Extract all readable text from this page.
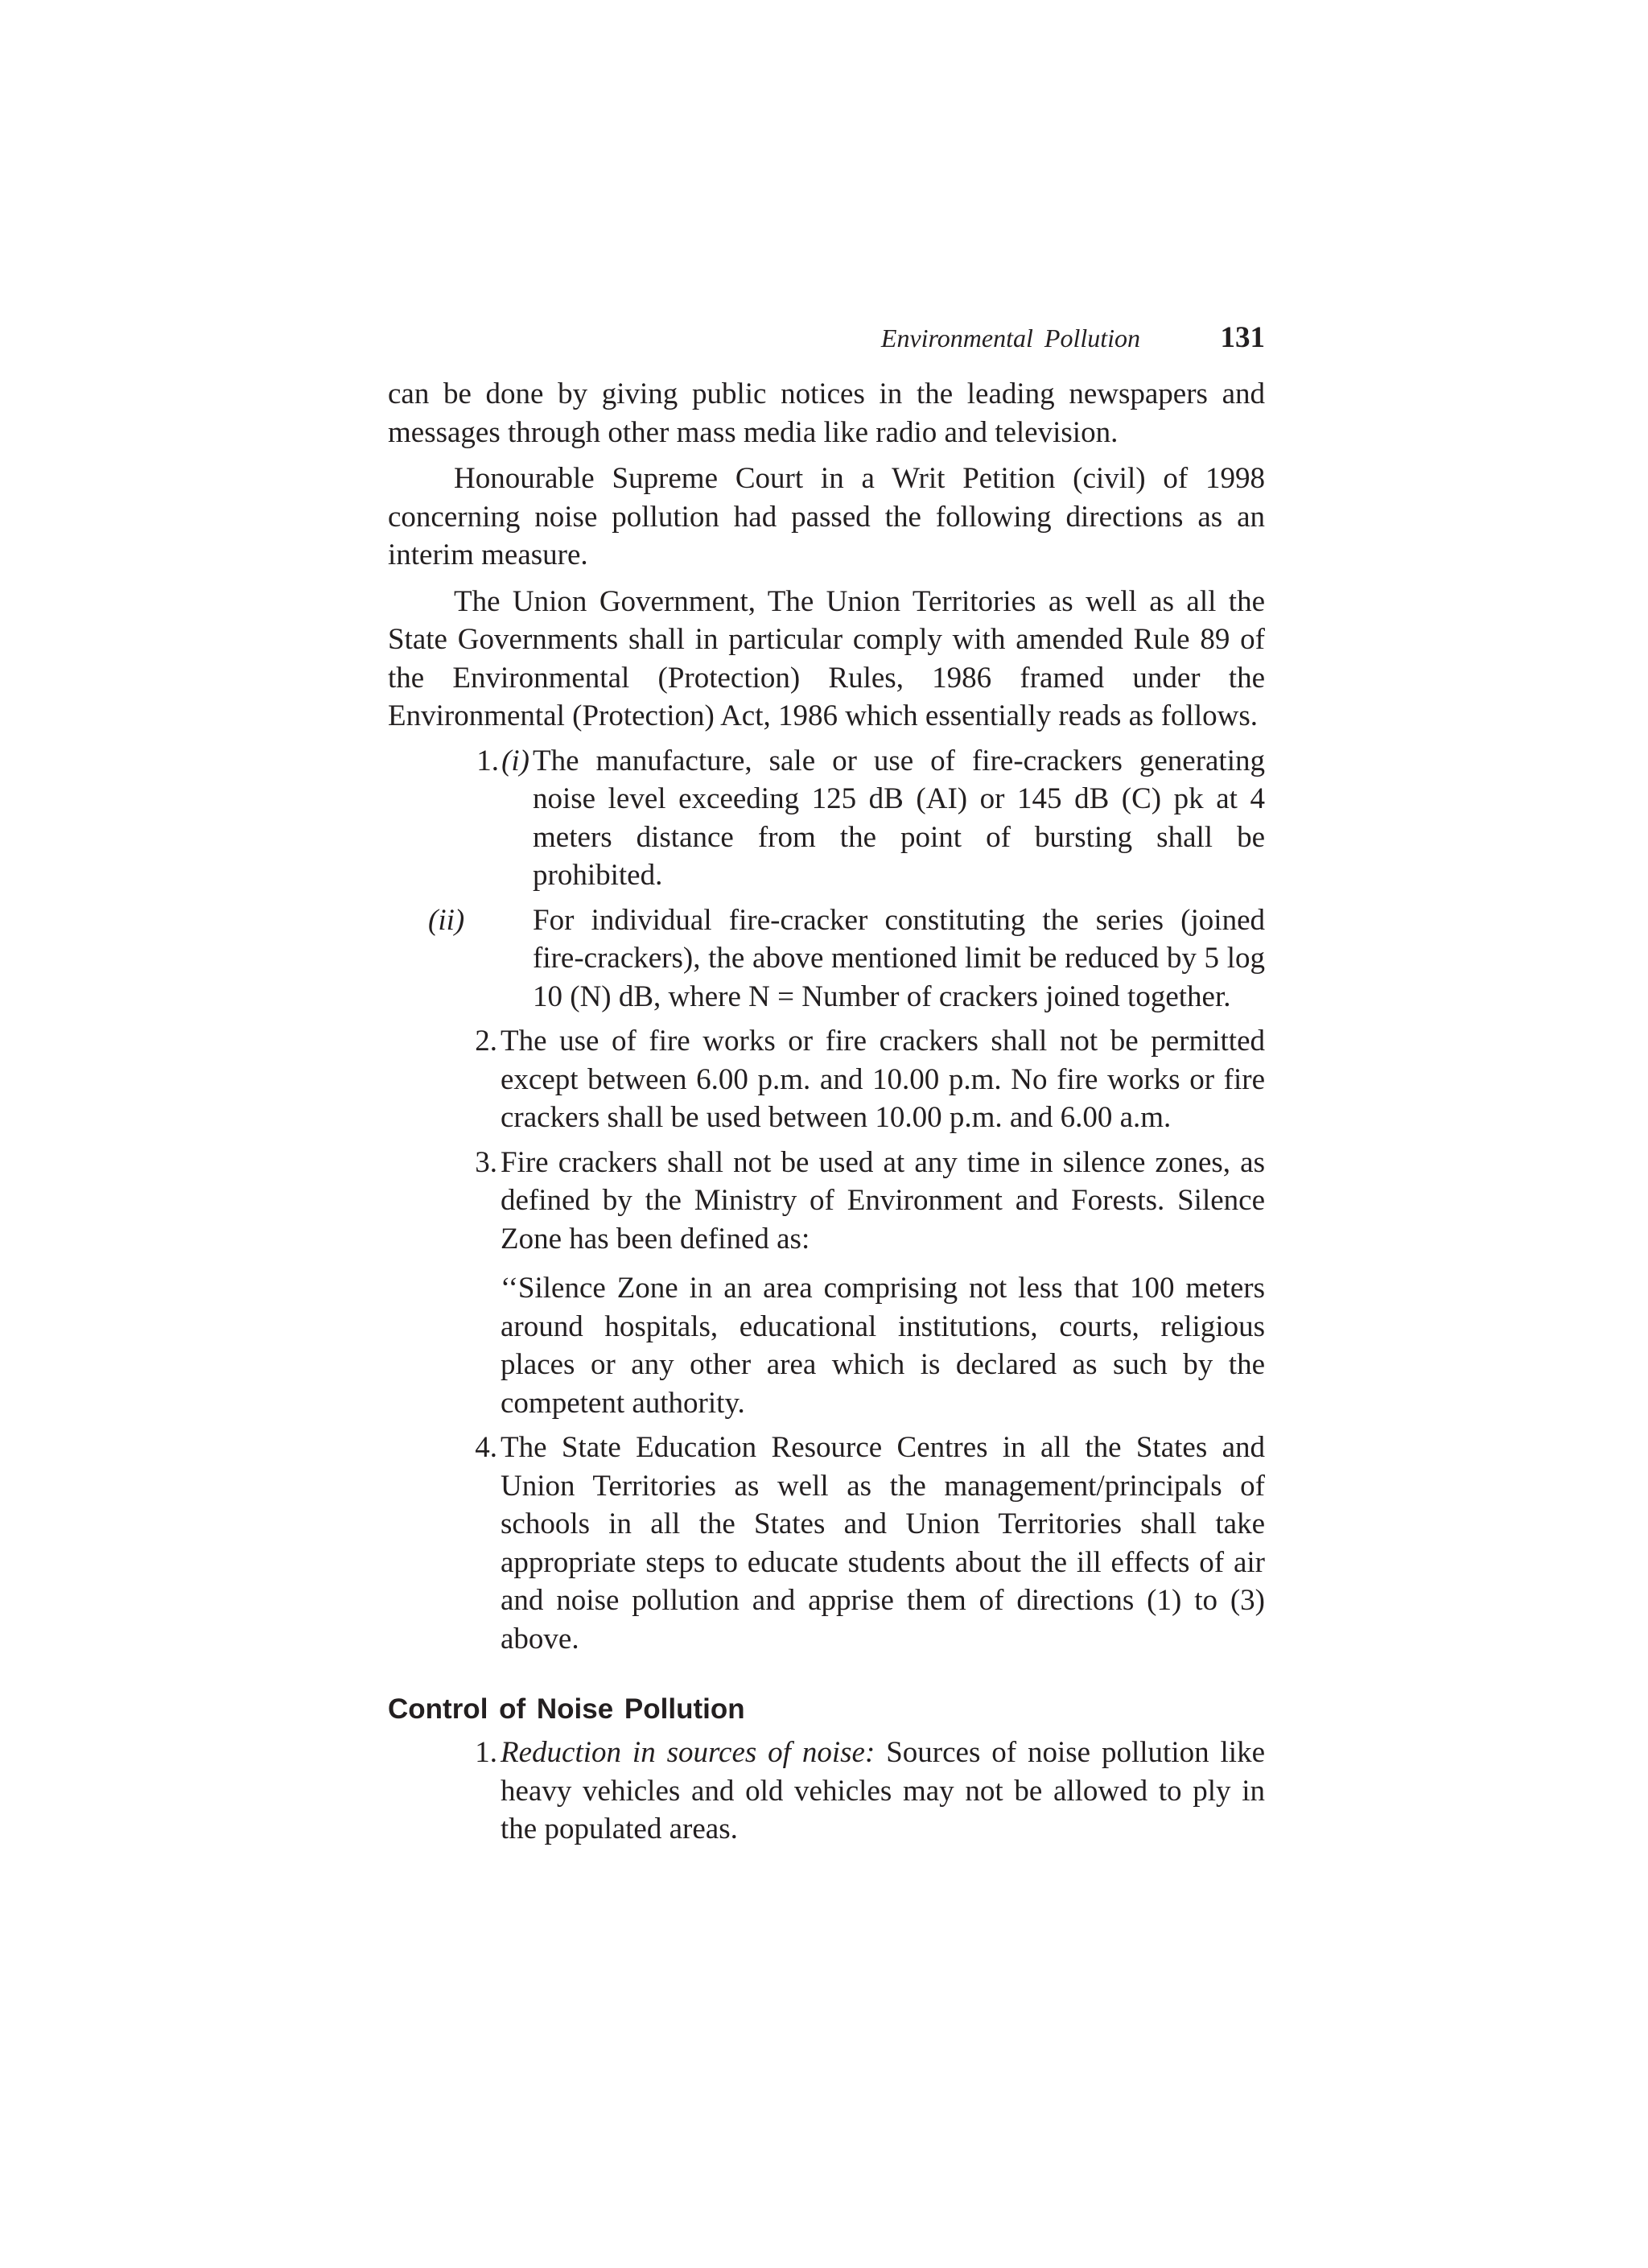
Environmental Pollution	131

can be done by giving public notices in the leading newspapers and messages through other mass media like radio and television.

Honourable Supreme Court in a Writ Petition (civil) of 1998 concerning noise pollution had passed the following directions as an interim measure.

The Union Government, The Union Territories as well as all the State Governments shall in particular comply with amended Rule 89 of the Environmental (Protection) Rules, 1986 framed under the Environmental (Protection) Act, 1986 which essentially reads as follows.

1. (i) The manufacture, sale or use of fire-crackers generating noise level exceeding 125 dB (AI) or 145 dB (C) pk at 4 meters distance from the point of bursting shall be prohibited.
(ii)	For individual fire-cracker constituting the series (joined fire-crackers), the above mentioned limit be reduced by 5 log 10 (N) dB, where N = Number of crackers joined together.
2. The use of fire works or fire crackers shall not be permitted except between 6.00 p.m. and 10.00 p.m. No fire works or fire crackers shall be used between 10.00 p.m. and 6.00 a.m.
3. Fire crackers shall not be used at any time in silence zones, as defined by the Ministry of Environment and Forests. Silence Zone has been defined as:

‘‘Silence Zone in an area comprising not less that 100 meters around hospitals, educational institutions, courts, religious places or any other area which is declared as such by the competent authority.

4. The State Education Resource Centres in all the States and Union Territories as well as the management/principals of schools in all the States and Union Territories shall take appropriate steps to educate students about the ill effects of air and noise pollution and apprise them of directions (1) to (3) above.
Control of Noise Pollution
1. Reduction in sources of noise: Sources of noise pollution like heavy vehicles and old vehicles may not be allowed to ply in the populated areas.
